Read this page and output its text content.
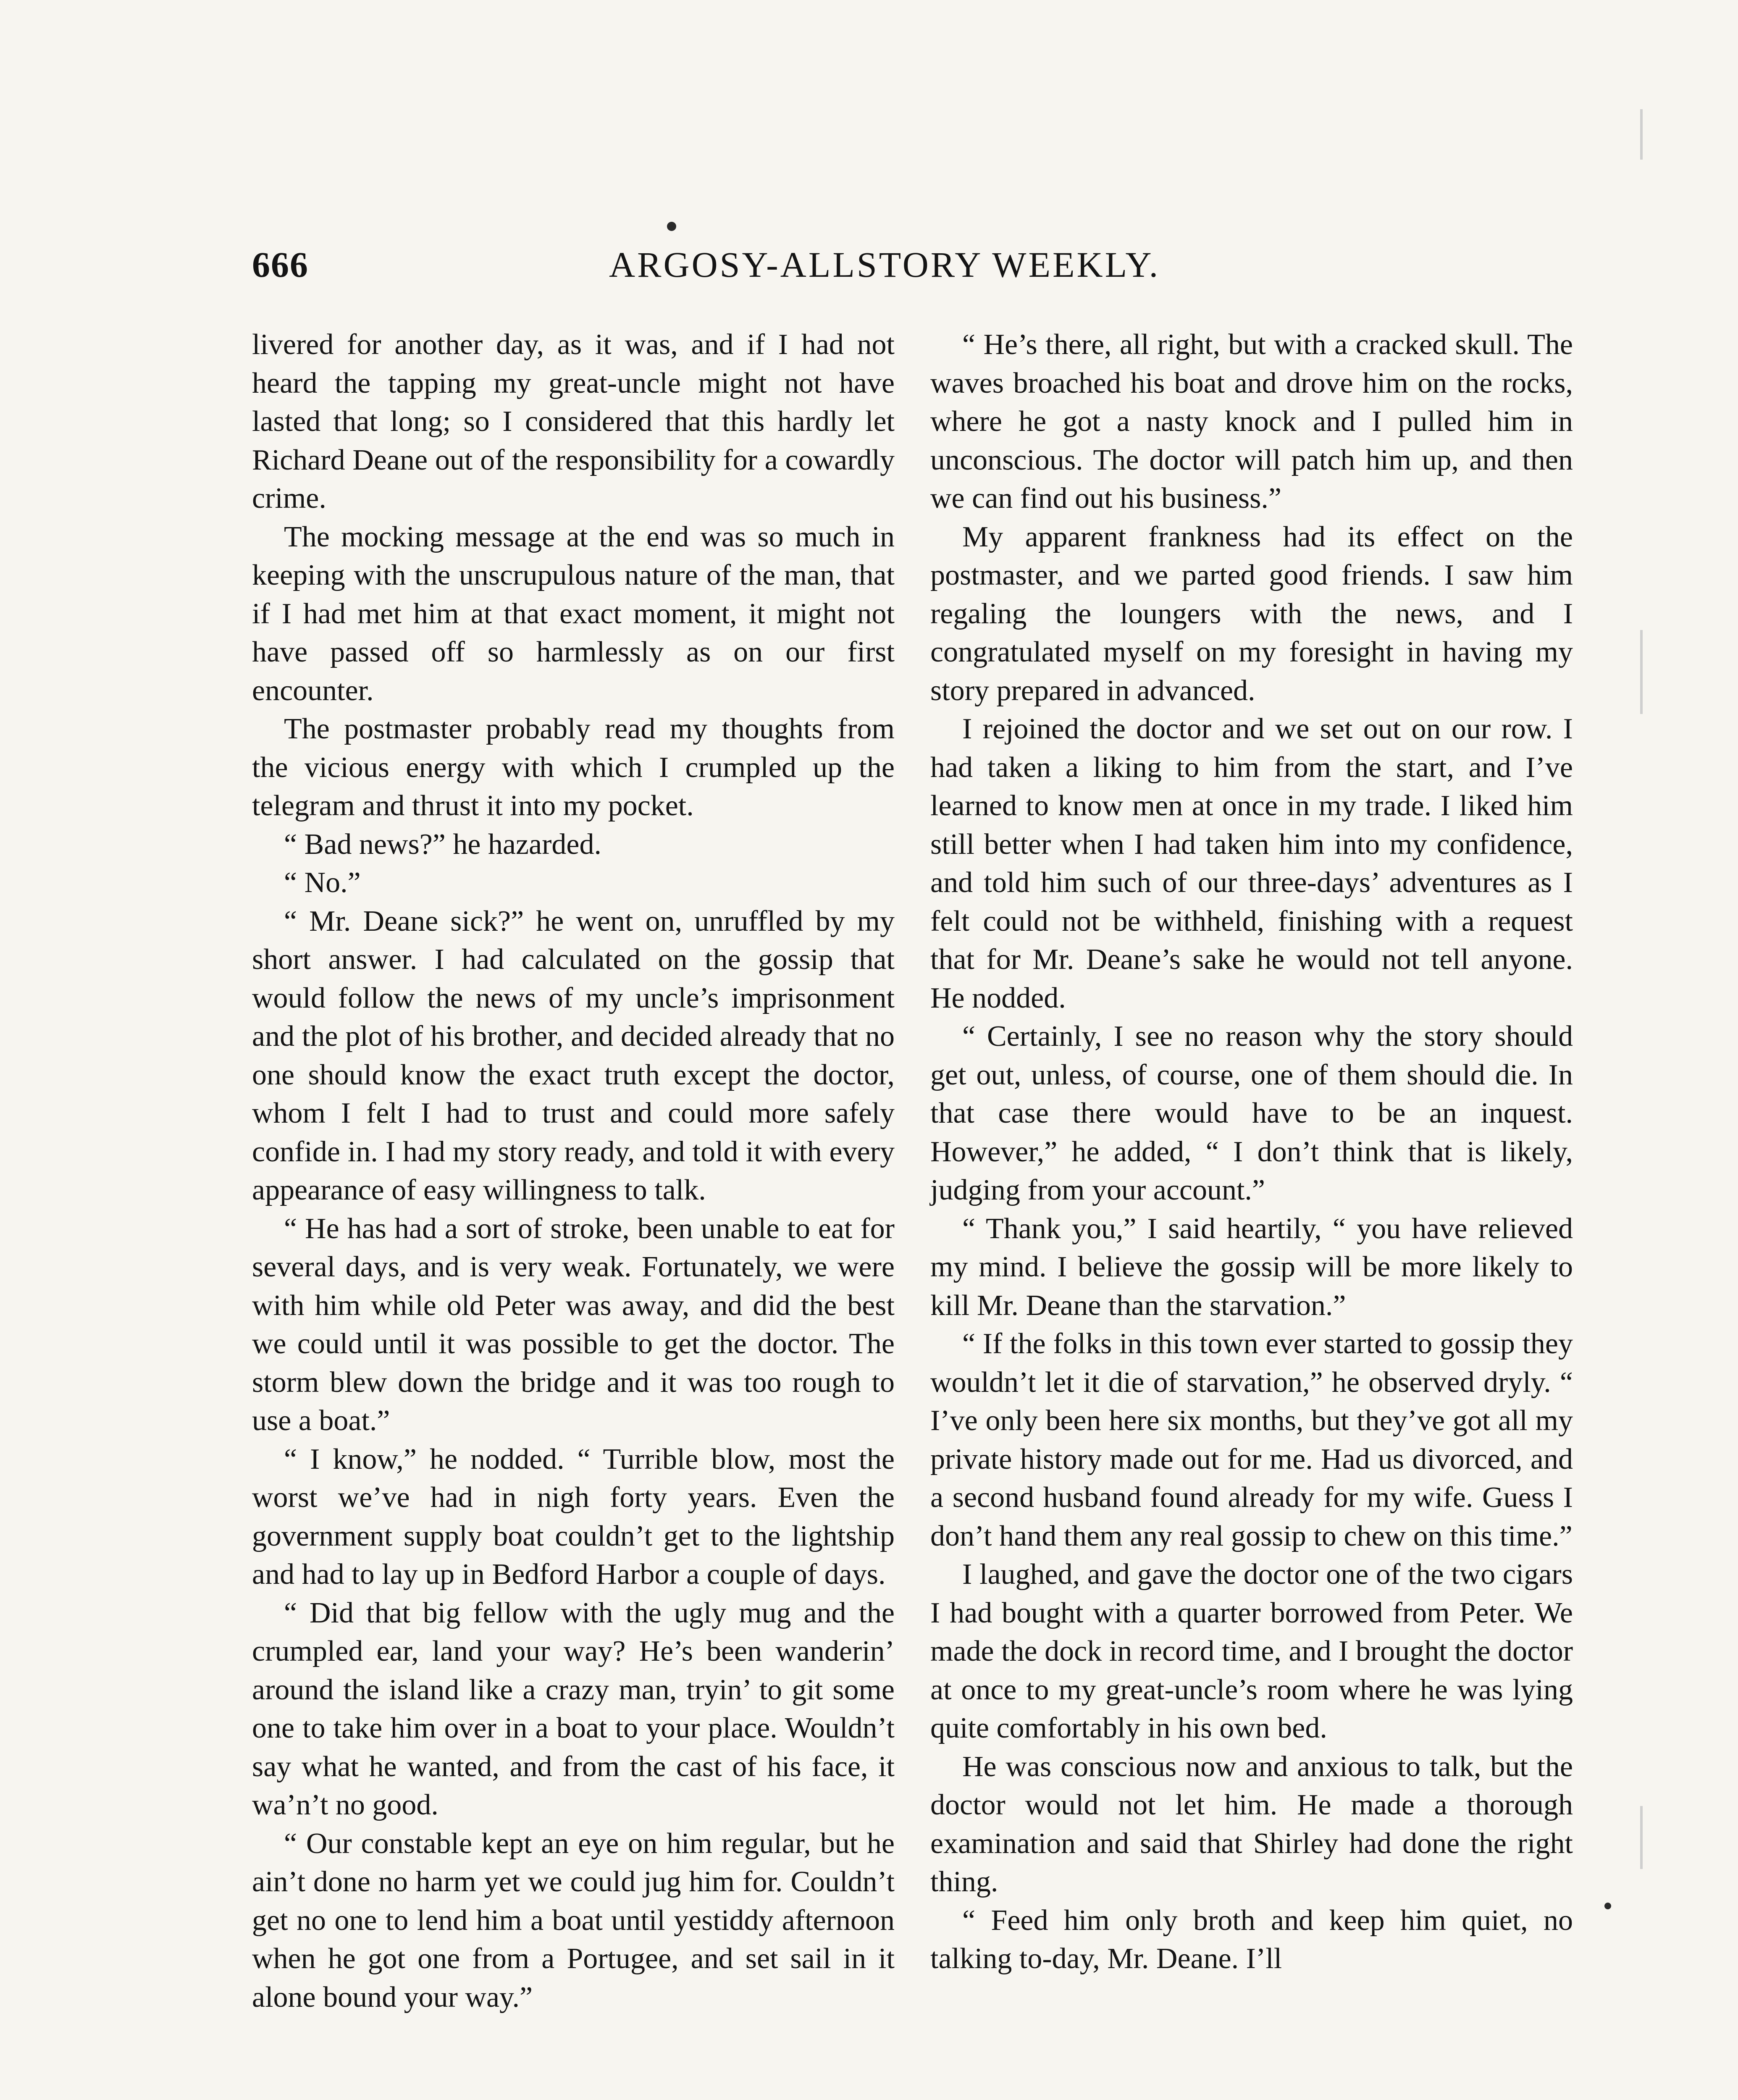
666	ARGOSY-ALLSTORY WEEKLY.

livered for another day, as it was, and if I had not heard the tapping my great-uncle might not have lasted that long; so I considered that this hardly let Richard Deane out of the responsibility for a cowardly crime.

The mocking message at the end was so much in keeping with the unscrupulous nature of the man, that if I had met him at that exact moment, it might not have passed off so harmlessly as on our first encounter.

The postmaster probably read my thoughts from the vicious energy with which I crumpled up the telegram and thrust it into my pocket.

“ Bad news?” he hazarded.

“ No.”

“ Mr. Deane sick?” he went on, unruffled by my short answer. I had calculated on the gossip that would follow the news of my uncle’s imprisonment and the plot of his brother, and decided already that no one should know the exact truth except the doctor, whom I felt I had to trust and could more safely confide in. I had my story ready, and told it with every appearance of easy willingness to talk.

“ He has had a sort of stroke, been unable to eat for several days, and is very weak. Fortunately, we were with him while old Peter was away, and did the best we could until it was possible to get the doctor. The storm blew down the bridge and it was too rough to use a boat.”

“ I know,” he nodded. “ Turrible blow, most the worst we’ve had in nigh forty years. Even the government supply boat couldn’t get to the lightship and had to lay up in Bedford Harbor a couple of days.

“ Did that big fellow with the ugly mug and the crumpled ear, land your way? He’s been wanderin’ around the island like a crazy man, tryin’ to git some one to take him over in a boat to your place. Wouldn’t say what he wanted, and from the cast of his face, it wa’n’t no good.

“ Our constable kept an eye on him regular, but he ain’t done no harm yet we could jug him for. Couldn’t get no one to lend him a boat until yestiddy afternoon when he got one from a Portugee, and set sail in it alone bound your way.”

“ He’s there, all right, but with a cracked skull. The waves broached his boat and drove him on the rocks, where he got a nasty knock and I pulled him in unconscious. The doctor will patch him up, and then we can find out his business.”

My apparent frankness had its effect on the postmaster, and we parted good friends. I saw him regaling the loungers with the news, and I congratulated myself on my foresight in having my story prepared in advanced.

I rejoined the doctor and we set out on our row. I had taken a liking to him from the start, and I’ve learned to know men at once in my trade. I liked him still better when I had taken him into my confidence, and told him such of our three-days’ adventures as I felt could not be withheld, finishing with a request that for Mr. Deane’s sake he would not tell anyone. He nodded.

“ Certainly, I see no reason why the story should get out, unless, of course, one of them should die. In that case there would have to be an inquest. However,” he added, “ I don’t think that is likely, judging from your account.”

“ Thank you,” I said heartily, “ you have relieved my mind. I believe the gossip will be more likely to kill Mr. Deane than the starvation.”

“ If the folks in this town ever started to gossip they wouldn’t let it die of starvation,” he observed dryly. “ I’ve only been here six months, but they’ve got all my private history made out for me. Had us divorced, and a second husband found already for my wife. Guess I don’t hand them any real gossip to chew on this time.”

I laughed, and gave the doctor one of the two cigars I had bought with a quarter borrowed from Peter. We made the dock in record time, and I brought the doctor at once to my great-uncle’s room where he was lying quite comfortably in his own bed.

He was conscious now and anxious to talk, but the doctor would not let him. He made a thorough examination and said that Shirley had done the right thing.

“ Feed him only broth and keep him quiet, no talking to-day, Mr. Deane. I’ll
